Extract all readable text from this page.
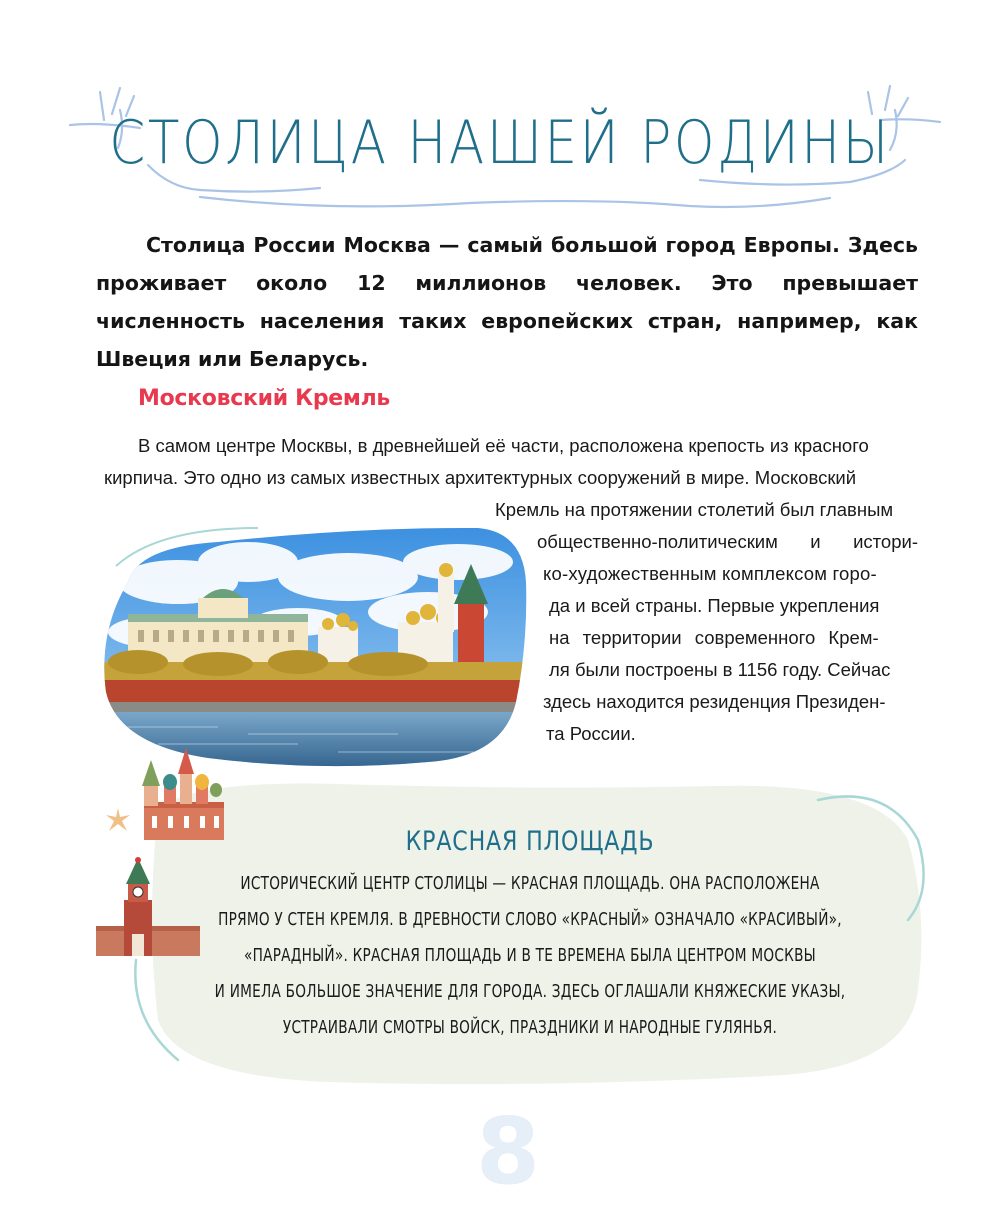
СТОЛИЦА НАШЕЙ РОДИНЫ
Столица России Москва — самый большой город Европы. Здесь проживает около 12 миллионов человек. Это превышает численность населения таких европейских стран, например, как Швеция или Беларусь.
Московский Кремль
В самом центре Москвы, в древнейшей её части, расположена крепость из красного
кирпича. Это одно из самых известных архитектурных сооружений в мире. Московский
Кремль на протяжении столетий был главным
общественно-политическим и истори-
ко-художественным комплексом горо-
да и всей страны. Первые укрепления
на территории современного Крем-
ля были построены в 1156 году. Сейчас
здесь находится резиденция Президен-
та России.
КРАСНАЯ ПЛОЩАДЬ
ИСТОРИЧЕСКИЙ ЦЕНТР СТОЛИЦЫ — КРАСНАЯ ПЛОЩАДЬ. ОНА РАСПОЛОЖЕНА
ПРЯМО У СТЕН КРЕМЛЯ. В ДРЕВНОСТИ СЛОВО «КРАСНЫЙ» ОЗНАЧАЛО «КРАСИВЫЙ»,
«ПАРАДНЫЙ». КРАСНАЯ ПЛОЩАДЬ И В ТЕ ВРЕМЕНА БЫЛА ЦЕНТРОМ МОСКВЫ
И ИМЕЛА БОЛЬШОЕ ЗНАЧЕНИЕ ДЛЯ ГОРОДА. ЗДЕСЬ ОГЛАШАЛИ КНЯЖЕСКИЕ УКАЗЫ,
УСТРАИВАЛИ СМОТРЫ ВОЙСК, ПРАЗДНИКИ И НАРОДНЫЕ ГУЛЯНЬЯ.
8
